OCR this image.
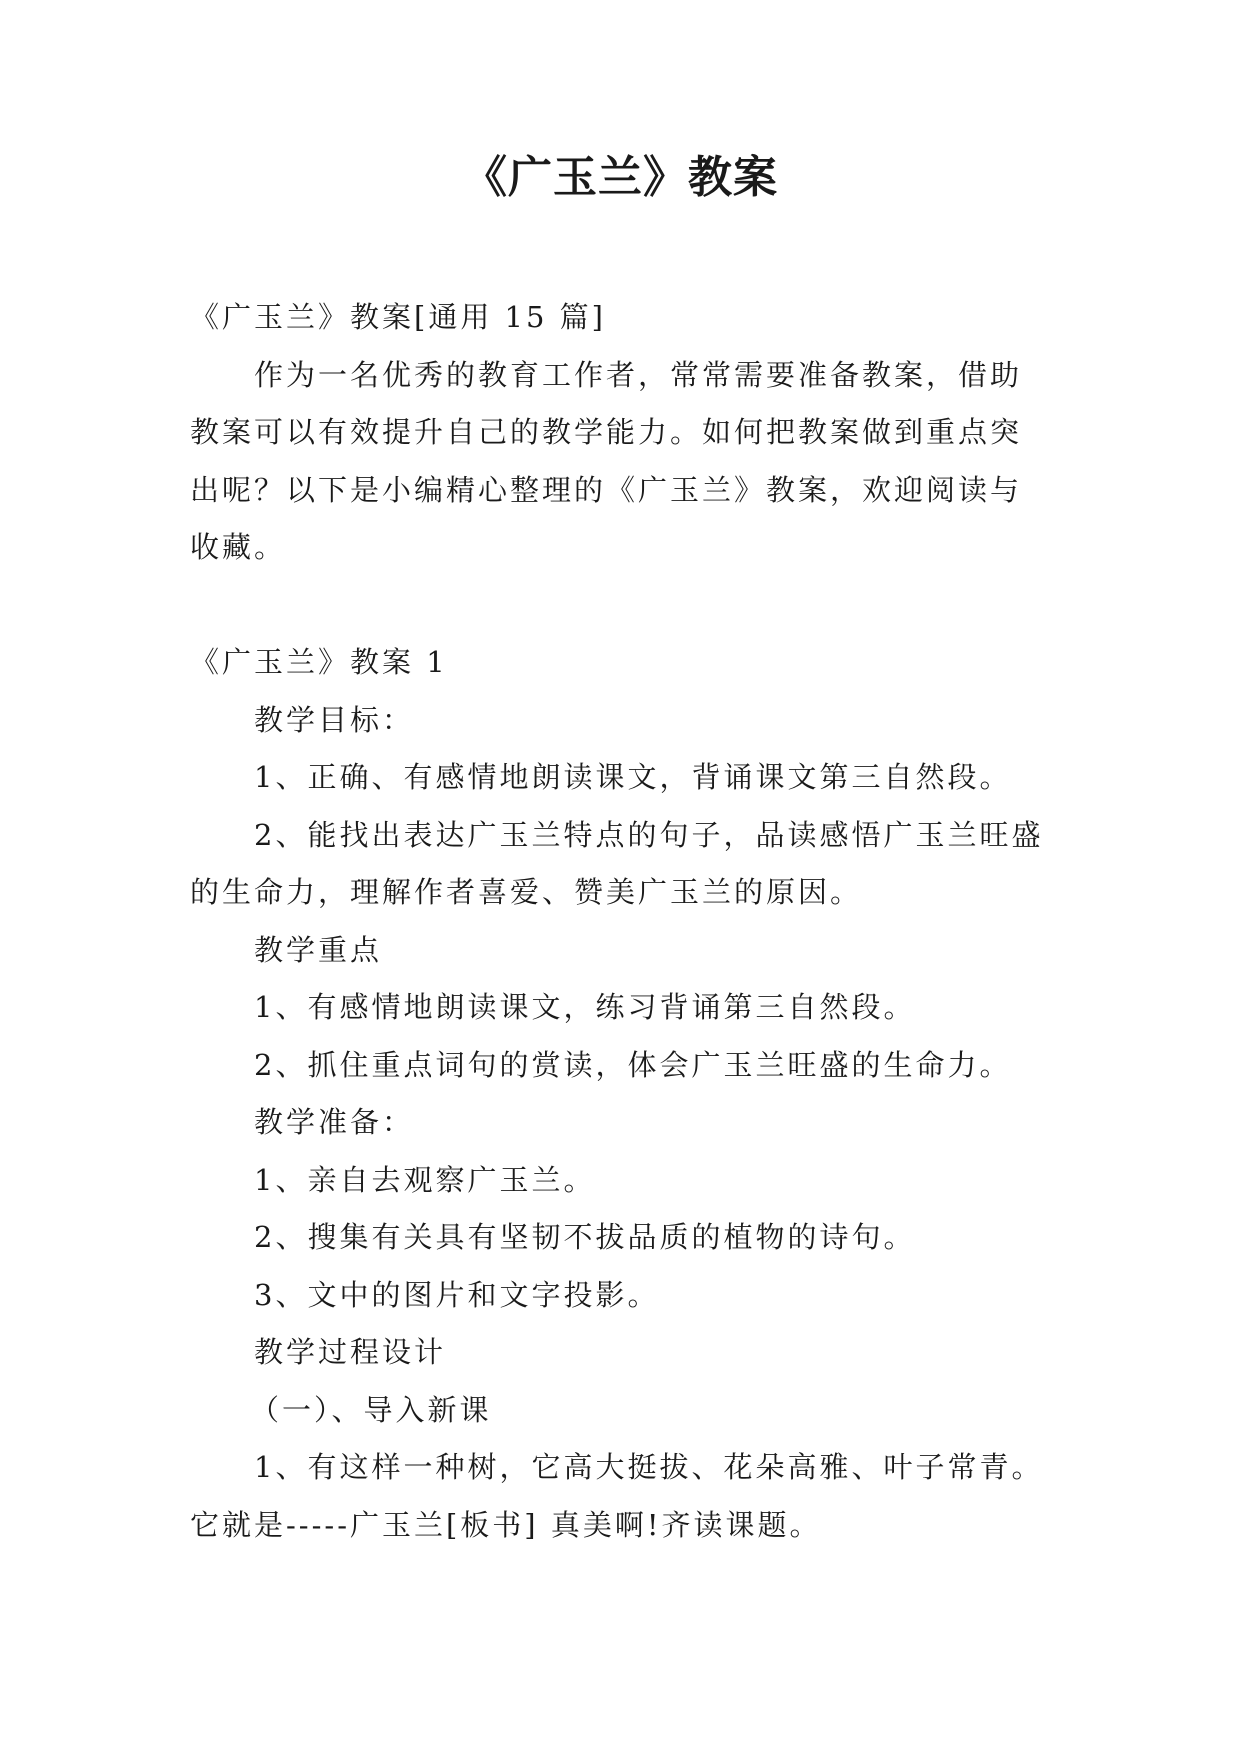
《广玉兰》教案

《广玉兰》教案[通用 15 篇]

作为一名优秀的教育工作者，常常需要准备教案，借助教案可以有效提升自己的教学能力。如何把教案做到重点突出呢？以下是小编精心整理的《广玉兰》教案，欢迎阅读与收藏。

《广玉兰》教案 1

教学目标：

1、正确、有感情地朗读课文，背诵课文第三自然段。

2、能找出表达广玉兰特点的句子，品读感悟广玉兰旺盛的生命力，理解作者喜爱、赞美广玉兰的原因。

教学重点

1、有感情地朗读课文，练习背诵第三自然段。

2、抓住重点词句的赏读，体会广玉兰旺盛的生命力。

教学准备：

1、亲自去观察广玉兰。

2、搜集有关具有坚韧不拔品质的植物的诗句。

3、文中的图片和文字投影。

教学过程设计

（一）、导入新课

1、有这样一种树，它高大挺拔、花朵高雅、叶子常青。它就是-----广玉兰[板书] 真美啊!齐读课题。
